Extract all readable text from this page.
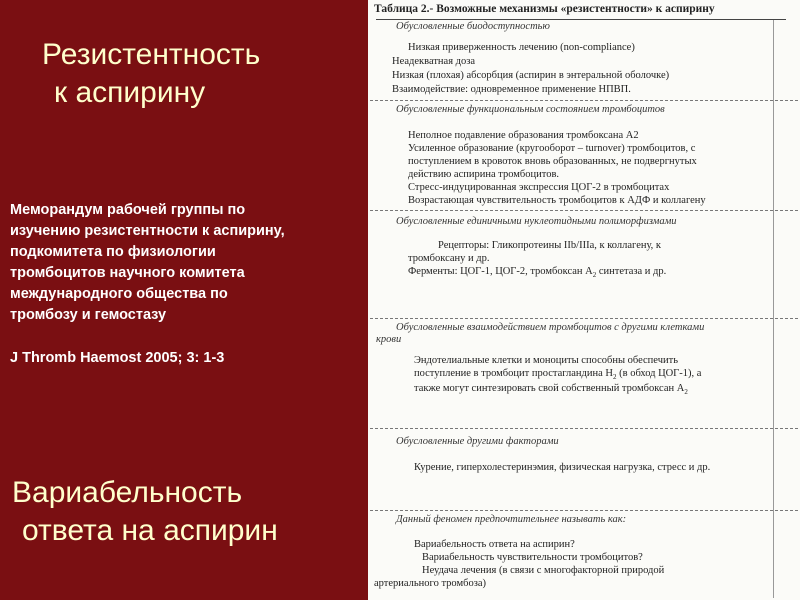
Резистентность
к аспирину
Меморандум рабочей группы по
изучению резистентности к аспирину,
подкомитета по физиологии
тромбоцитов научного комитета
международного общества по
тромбозу и гемостазу
J Thromb Haemost 2005; 3: 1-3
Вариабельность
ответа на аспирин
Таблица 2.- Возможные механизмы «резистентности» к аспирину
Обусловленные биодоступностью
Низкая приверженность лечению (non-compliance)
Неадекватная доза
Низкая (плохая) абсорбция (аспирин в энтеральной оболочке)
Взаимодействие: одновременное применение НПВП.
Обусловленные функциональным состоянием тромбоцитов
Неполное подавление образования тромбоксана А2
Усиленное образование (кругооборот – turnover) тромбоцитов, с
поступлением в кровоток вновь образованных, не подвергнутых
действию аспирина тромбоцитов.
Стресс-индуцированная экспрессия ЦОГ-2 в тромбоцитах
Возрастающая чувствительность тромбоцитов к АДФ и коллагену
Обусловленные единичными нуклеотидными полиморфизмами
Рецепторы: Гликопротеины IIb/IIIa, к коллагену, к
тромбоксану и др.
Ферменты: ЦОГ-1, ЦОГ-2, тромбоксан $A_2$ синтетаза и др.
Обусловленные взаимодействием тромбоцитов с другими клетками
крови
Эндотелиальные клетки и моноциты способны обеспечить
поступление в тромбоцит простагландина $H_2$ (в обход ЦОГ-1), а
также могут синтезировать свой собственный тромбоксан $A_2$
Обусловленные другими факторами
Курение, гиперхолестеринэмия, физическая нагрузка, стресс и др.
Данный феномен предпочтительнее называть как:
Вариабельность ответа на аспирин?
Вариабельность чувствительности тромбоцитов?
Неудача лечения (в связи с многофакторной природой
артериального тромбоза)
